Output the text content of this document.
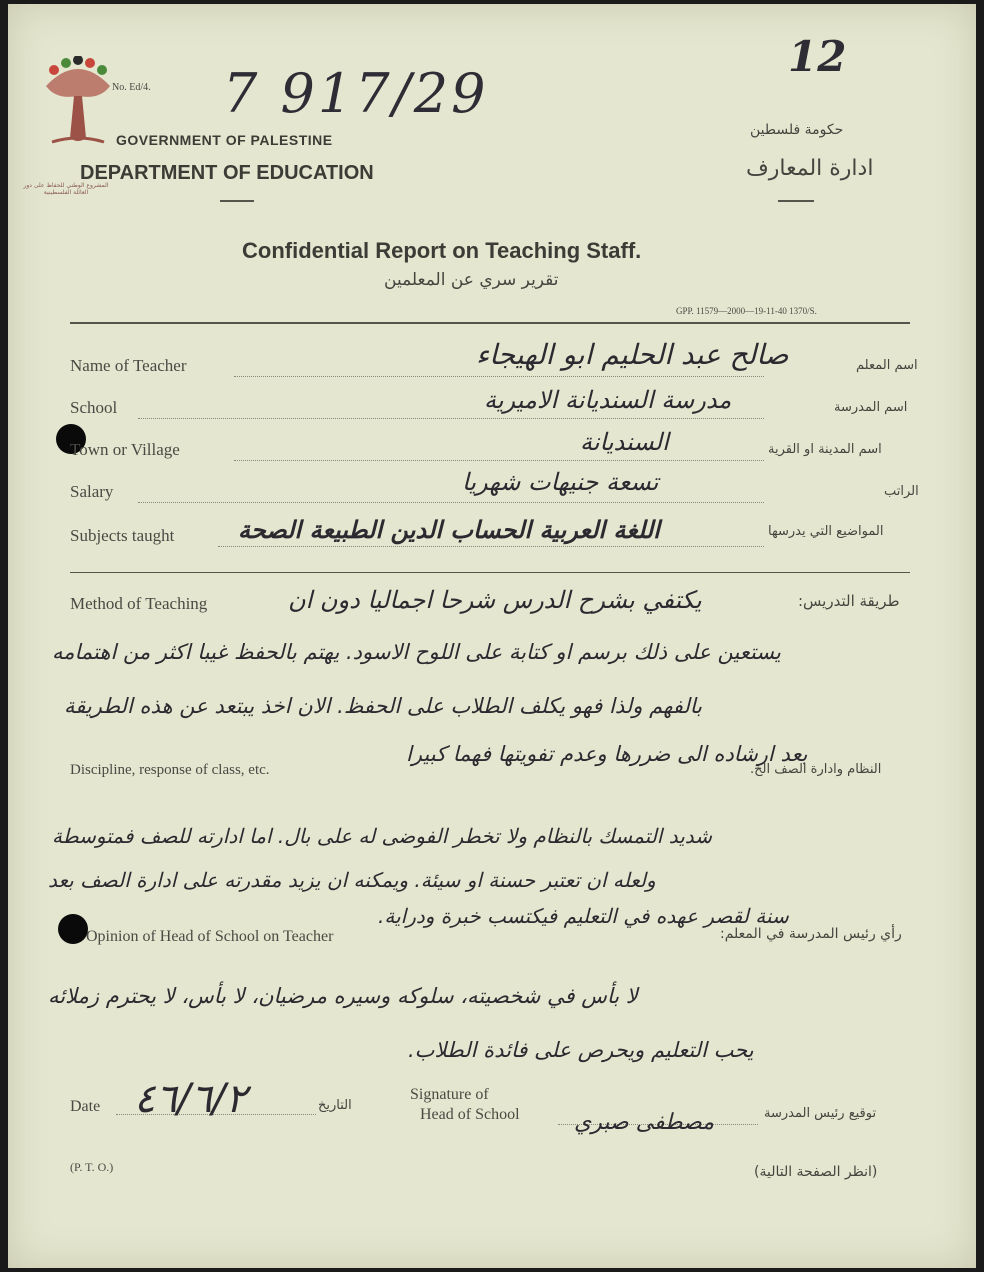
المشروع الوطني للحفاظ على دور العائلة الفلسطينية
No. Ed/4. 7 917/29
12
GOVERNMENT OF PALESTINE
DEPARTMENT OF EDUCATION
حكومة فلسطين
ادارة المعارف
Confidential Report on Teaching Staff.
تقرير سري عن المعلمين
GPP. 11579—2000—19-11-40 1370/S.
Name of Teacher	اسم المعلم
صالح عبد الحليم ابو الهيجاء
School	اسم المدرسة
مدرسة السنديانة الاميرية
Town or Village	اسم المدينة او القرية
السنديانة
Salary	الراتب
تسعة جنيهات شهريا
Subjects taught	المواضيع التي يدرسها
اللغة العربية الحساب الدين الطبيعة الصحة
Method of Teaching	طريقة التدريس:
يكتفي بشرح الدرس شرحا اجماليا دون ان
يستعين على ذلك برسم او كتابة على اللوح الاسود. يهتم بالحفظ غيبا اكثر من اهتمامه
بالفهم ولذا فهو يكلف الطلاب على الحفظ. الان اخذ يبتعد عن هذه الطريقة
بعد ارشاده الى ضررها وعدم تفويتها فهما كبيرا
Discipline, response of class, etc.	النظام وادارة الصف الخ.
شديد التمسك بالنظام ولا تخطر الفوضى له على بال. اما ادارته للصف فمتوسطة
ولعله ان تعتبر حسنة او سيئة. ويمكنه ان يزيد مقدرته على ادارة الصف بعد
سنة لقصر عهده في التعليم فيكتسب خبرة ودراية.
Opinion of Head of School on Teacher	رأي رئيس المدرسة في المعلم:
لا بأس في شخصيته، سلوكه وسيره مرضيان، لا بأس، لا يحترم زملائه
يحب التعليم ويحرص على فائدة الطلاب.
Date ٤٦/٦/٢	التاريخ
Signature of
Head of School مصطفى صبري	توقيع رئيس المدرسة
(P. T. O.)	(انظر الصفحة التالية)
